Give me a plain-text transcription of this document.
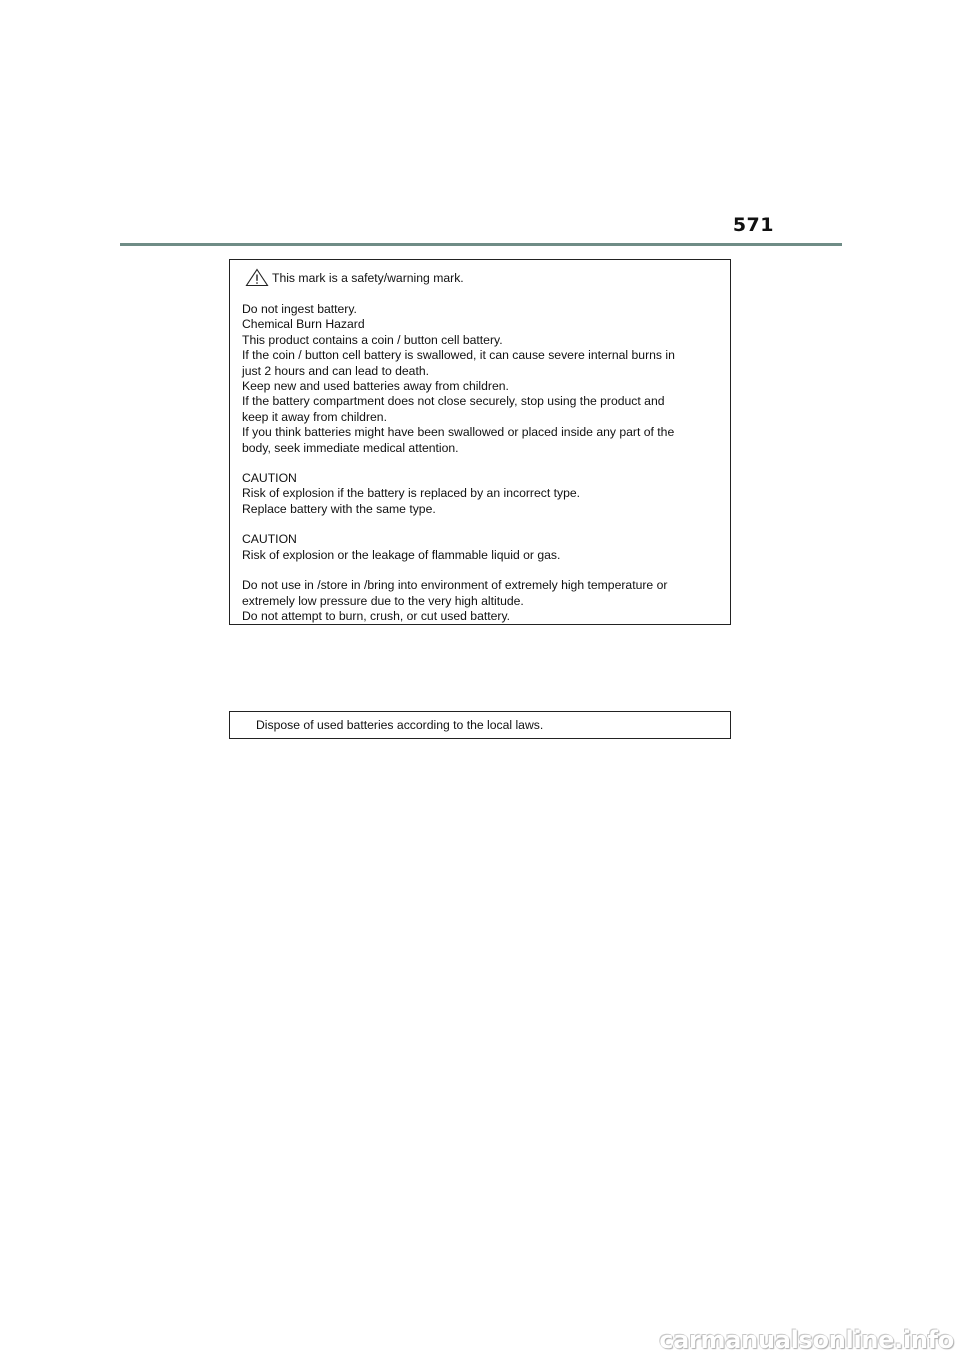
571
This mark is a safety/warning mark.
Do not ingest battery.
Chemical Burn Hazard
This product contains a coin / button cell battery.
If the coin / button cell battery is swallowed, it can cause severe internal burns in
just 2 hours and can lead to death.
Keep new and used batteries away from children.
If the battery compartment does not close securely, stop using the product and
keep it away from children.
If you think batteries might have been swallowed or placed inside any part of the
body, seek immediate medical attention.
CAUTION
Risk of explosion if the battery is replaced by an incorrect type.
Replace battery with the same type.
CAUTION
Risk of explosion or the leakage of flammable liquid or gas.
Do not use in /store in /bring into environment of extremely high temperature or
extremely low pressure due to the very high altitude.
Do not attempt to burn, crush, or cut used battery.
Dispose of used batteries according to the local laws.
carmanualsonline.info
